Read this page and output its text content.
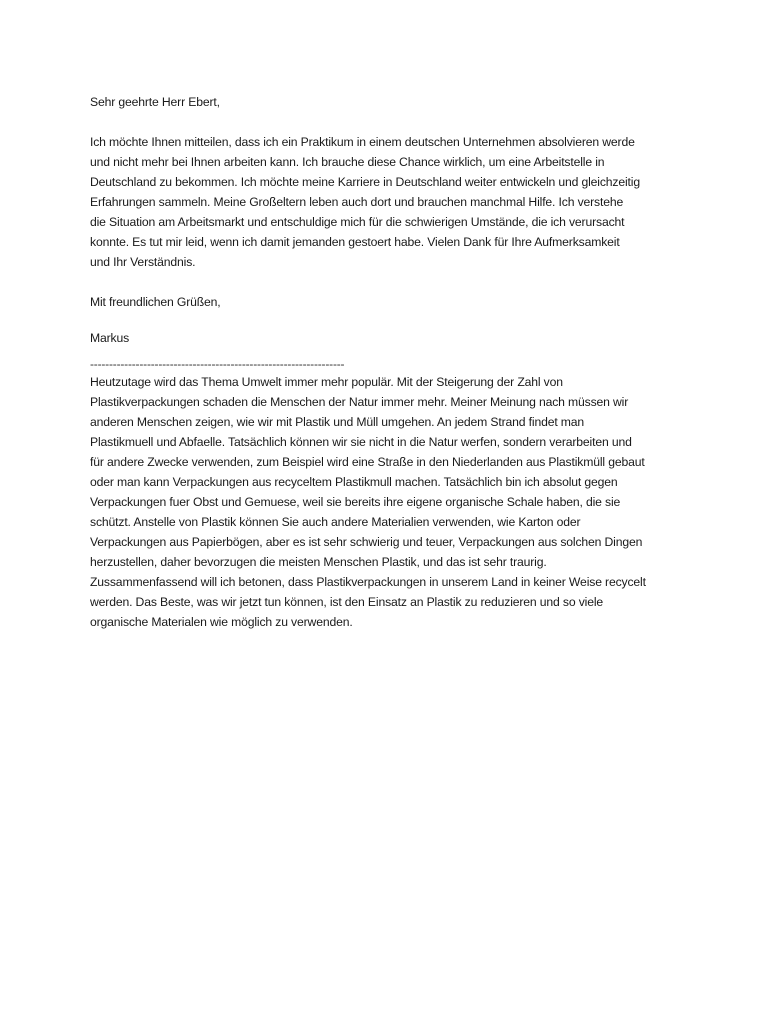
Sehr geehrte Herr Ebert,
Ich möchte Ihnen mitteilen, dass ich ein Praktikum in einem deutschen Unternehmen absolvieren werde
und nicht mehr bei Ihnen arbeiten kann. Ich brauche diese Chance wirklich, um eine Arbeitstelle in
Deutschland zu bekommen. Ich möchte meine Karriere in Deutschland weiter entwickeln und gleichzeitig
Erfahrungen sammeln. Meine Großeltern leben auch dort und brauchen manchmal Hilfe. Ich verstehe
die Situation am Arbeitsmarkt und entschuldige mich für die schwierigen Umstände, die ich verursacht
konnte. Es tut mir leid, wenn ich damit jemanden gestoert habe. Vielen Dank für Ihre Aufmerksamkeit
und Ihr Verständnis.
Mit freundlichen Grüßen,
Markus
-------------------------------------------------------------------
Heutzutage wird das Thema Umwelt immer mehr populär. Mit der Steigerung der Zahl von
Plastikverpackungen schaden die Menschen der Natur immer mehr. Meiner Meinung nach müssen wir
anderen Menschen zeigen, wie wir mit Plastik und Müll umgehen. An jedem Strand findet man
Plastikmuell und Abfaelle. Tatsächlich können wir sie nicht in die Natur werfen, sondern verarbeiten und
für andere Zwecke verwenden, zum Beispiel wird eine Straße in den Niederlanden aus Plastikmüll gebaut
oder man kann Verpackungen aus recyceltem Plastikmull machen. Tatsächlich bin ich absolut gegen
Verpackungen fuer Obst und Gemuese, weil sie bereits ihre eigene organische Schale haben, die sie
schützt. Anstelle von Plastik können Sie auch andere Materialien verwenden, wie Karton oder
Verpackungen aus Papierbögen, aber es ist sehr schwierig und teuer, Verpackungen aus solchen Dingen
herzustellen, daher bevorzugen die meisten Menschen Plastik, und das ist sehr traurig.
Zussammenfassend will ich betonen, dass Plastikverpackungen in unserem Land in keiner Weise recycelt
werden. Das Beste, was wir jetzt tun können, ist den Einsatz an Plastik zu reduzieren und so viele
organische Materialen wie möglich zu verwenden.
